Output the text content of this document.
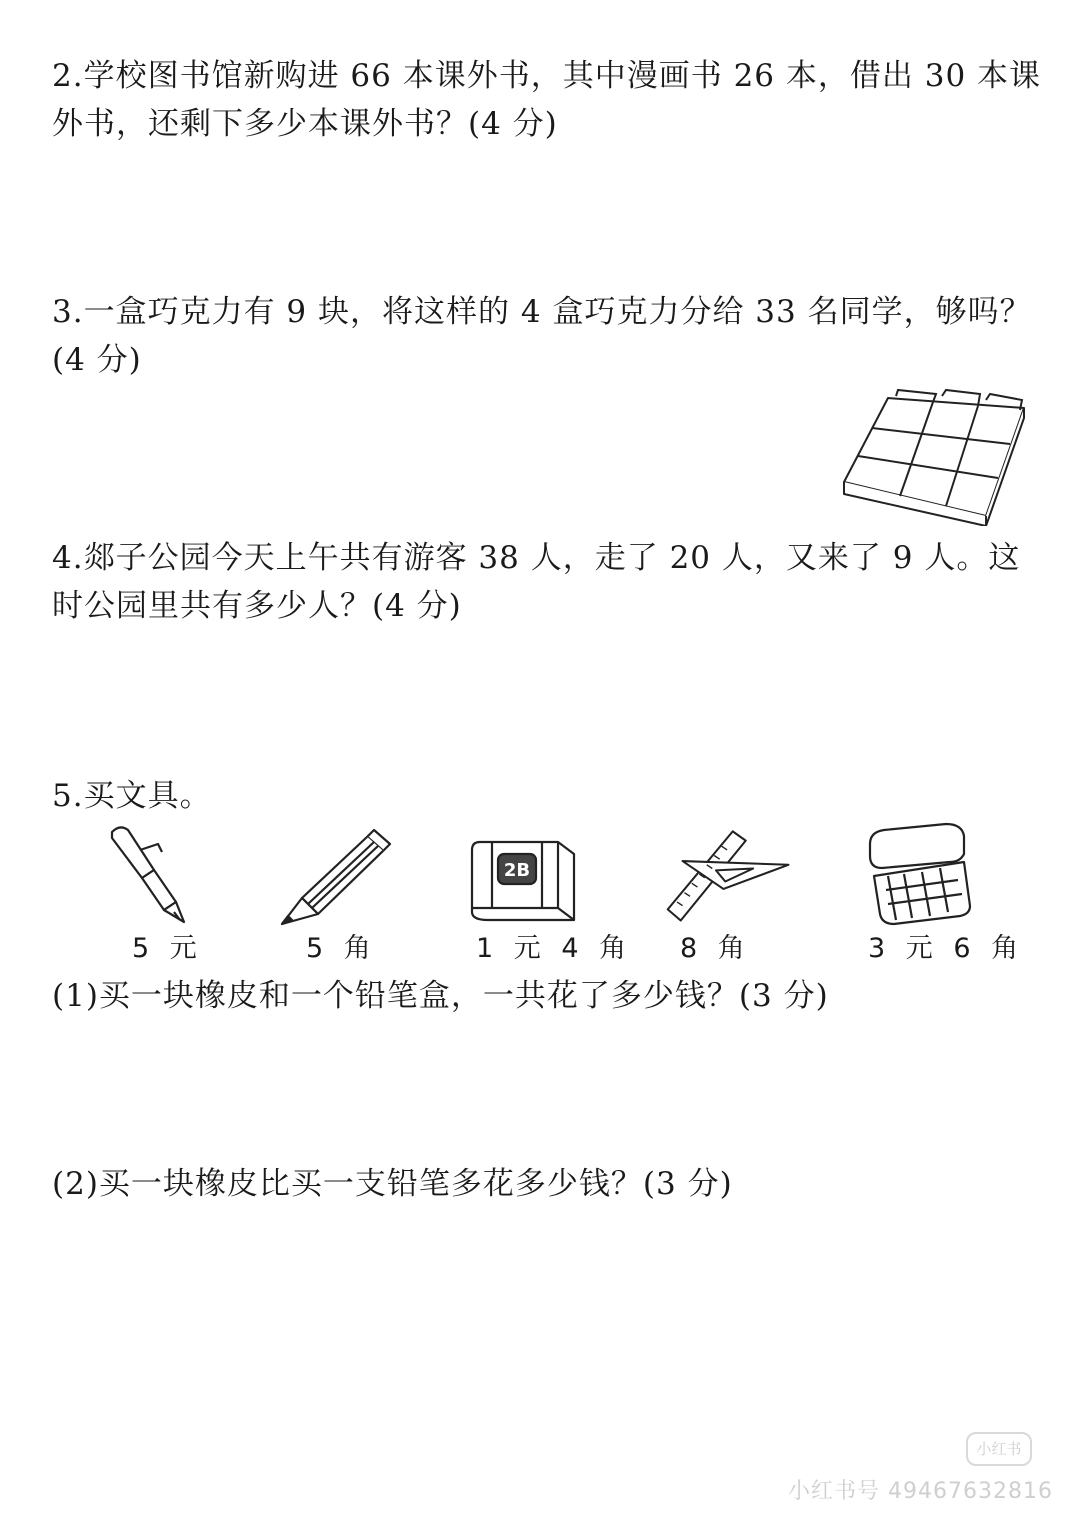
2.学校图书馆新购进 66 本课外书，其中漫画书 26 本，借出 30 本课外书，还剩下多少本课外书？(4 分)

3.一盒巧克力有 9 块，将这样的 4 盒巧克力分给 33 名同学，够吗？(4 分)

4.郯子公园今天上午共有游客 38 人，走了 20 人，又来了 9 人。这时公园里共有多少人？(4 分)

5.买文具。

5 元	5 角
2B
1 元 4 角 8 角	3 元 6 角

(1)买一块橡皮和一个铅笔盒，一共花了多少钱？(3 分)

(2)买一块橡皮比买一支铅笔多花多少钱？(3 分)

小红书
小红书号 4946763281​6
